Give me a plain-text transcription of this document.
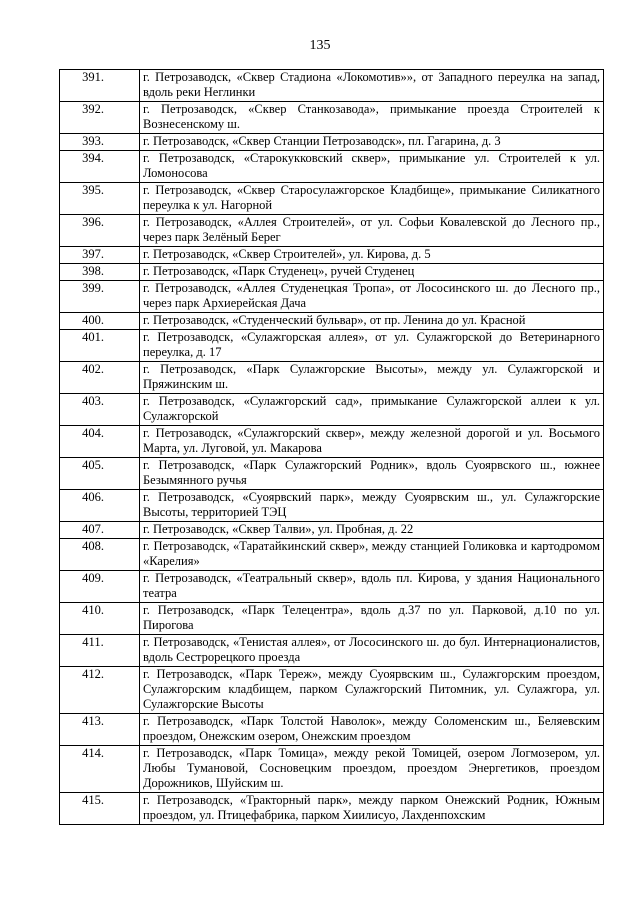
135
391.	г. Петрозаводск, «Сквер Стадиона «Локомотив»», от Западного переулка на запад, вдоль реки Неглинки
392.	г. Петрозаводск, «Сквер Станкозавода», примыкание проезда Строителей к Вознесенскому ш.
393.	г. Петрозаводск, «Сквер Станции Петрозаводск», пл. Гагарина, д. 3
394.	г. Петрозаводск, «Старокукковский сквер», примыкание ул. Строителей к ул. Ломоносова
395.	г. Петрозаводск, «Сквер Старосулажгорское Кладбище», примыкание Силикатного переулка к ул. Нагорной
396.	г. Петрозаводск, «Аллея Строителей», от ул. Софьи Ковалевской до Лесного пр., через парк Зелёный Берег
397.	г. Петрозаводск, «Сквер Строителей», ул. Кирова, д. 5
398.	г. Петрозаводск, «Парк Студенец», ручей Студенец
399.	г. Петрозаводск, «Аллея Студенецкая Тропа», от Лососинского ш. до Лесного пр., через парк Архиерейская Дача
400.	г. Петрозаводск, «Студенческий бульвар», от пр. Ленина до ул. Красной
401.	г. Петрозаводск, «Сулажгорская аллея», от ул. Сулажгорской до Ветеринарного переулка, д. 17
402.	г. Петрозаводск, «Парк Сулажгорские Высоты», между ул. Сулажгорской и Пряжинским ш.
403.	г. Петрозаводск, «Сулажгорский сад», примыкание Сулажгорской аллеи к ул. Сулажгорской
404.	г. Петрозаводск, «Сулажгорский сквер», между железной дорогой и ул. Восьмого Марта, ул. Луговой, ул. Макарова
405.	г. Петрозаводск, «Парк Сулажгорский Родник», вдоль Суоярвского ш., южнее Безымянного ручья
406.	г. Петрозаводск, «Суоярвский парк», между Суоярвским ш., ул. Сулажгорские Высоты, территорией ТЭЦ
407.	г. Петрозаводск, «Сквер Талви», ул. Пробная, д. 22
408.	г. Петрозаводск, «Таратайкинский сквер», между станцией Голиковка и картодромом «Карелия»
409.	г. Петрозаводск, «Театральный сквер», вдоль пл. Кирова, у здания Национального театра
410.	г. Петрозаводск, «Парк Телецентра», вдоль д.37 по ул. Парковой, д.10 по ул. Пирогова
411.	г. Петрозаводск, «Тенистая аллея», от Лососинского ш. до бул. Интернационалистов, вдоль Сестрорецкого проезда
412.	г. Петрозаводск, «Парк Тереж», между Суоярвским ш., Сулажгорским проездом, Сулажгорским кладбищем, парком Сулажгорский Питомник, ул. Сулажгора, ул. Сулажгорские Высоты
413.	г. Петрозаводск, «Парк Толстой Наволок», между Соломенским ш., Беляевским проездом, Онежским озером, Онежским проездом
414.	г. Петрозаводск, «Парк Томица», между рекой Томицей, озером Логмозером, ул. Любы Тумановой, Сосновецким проездом, проездом Энергетиков, проездом Дорожников, Шуйским ш.
415.	г. Петрозаводск, «Тракторный парк», между парком Онежский Родник, Южным проездом, ул. Птицефабрика, парком Хиилисуо, Лахденпохским
